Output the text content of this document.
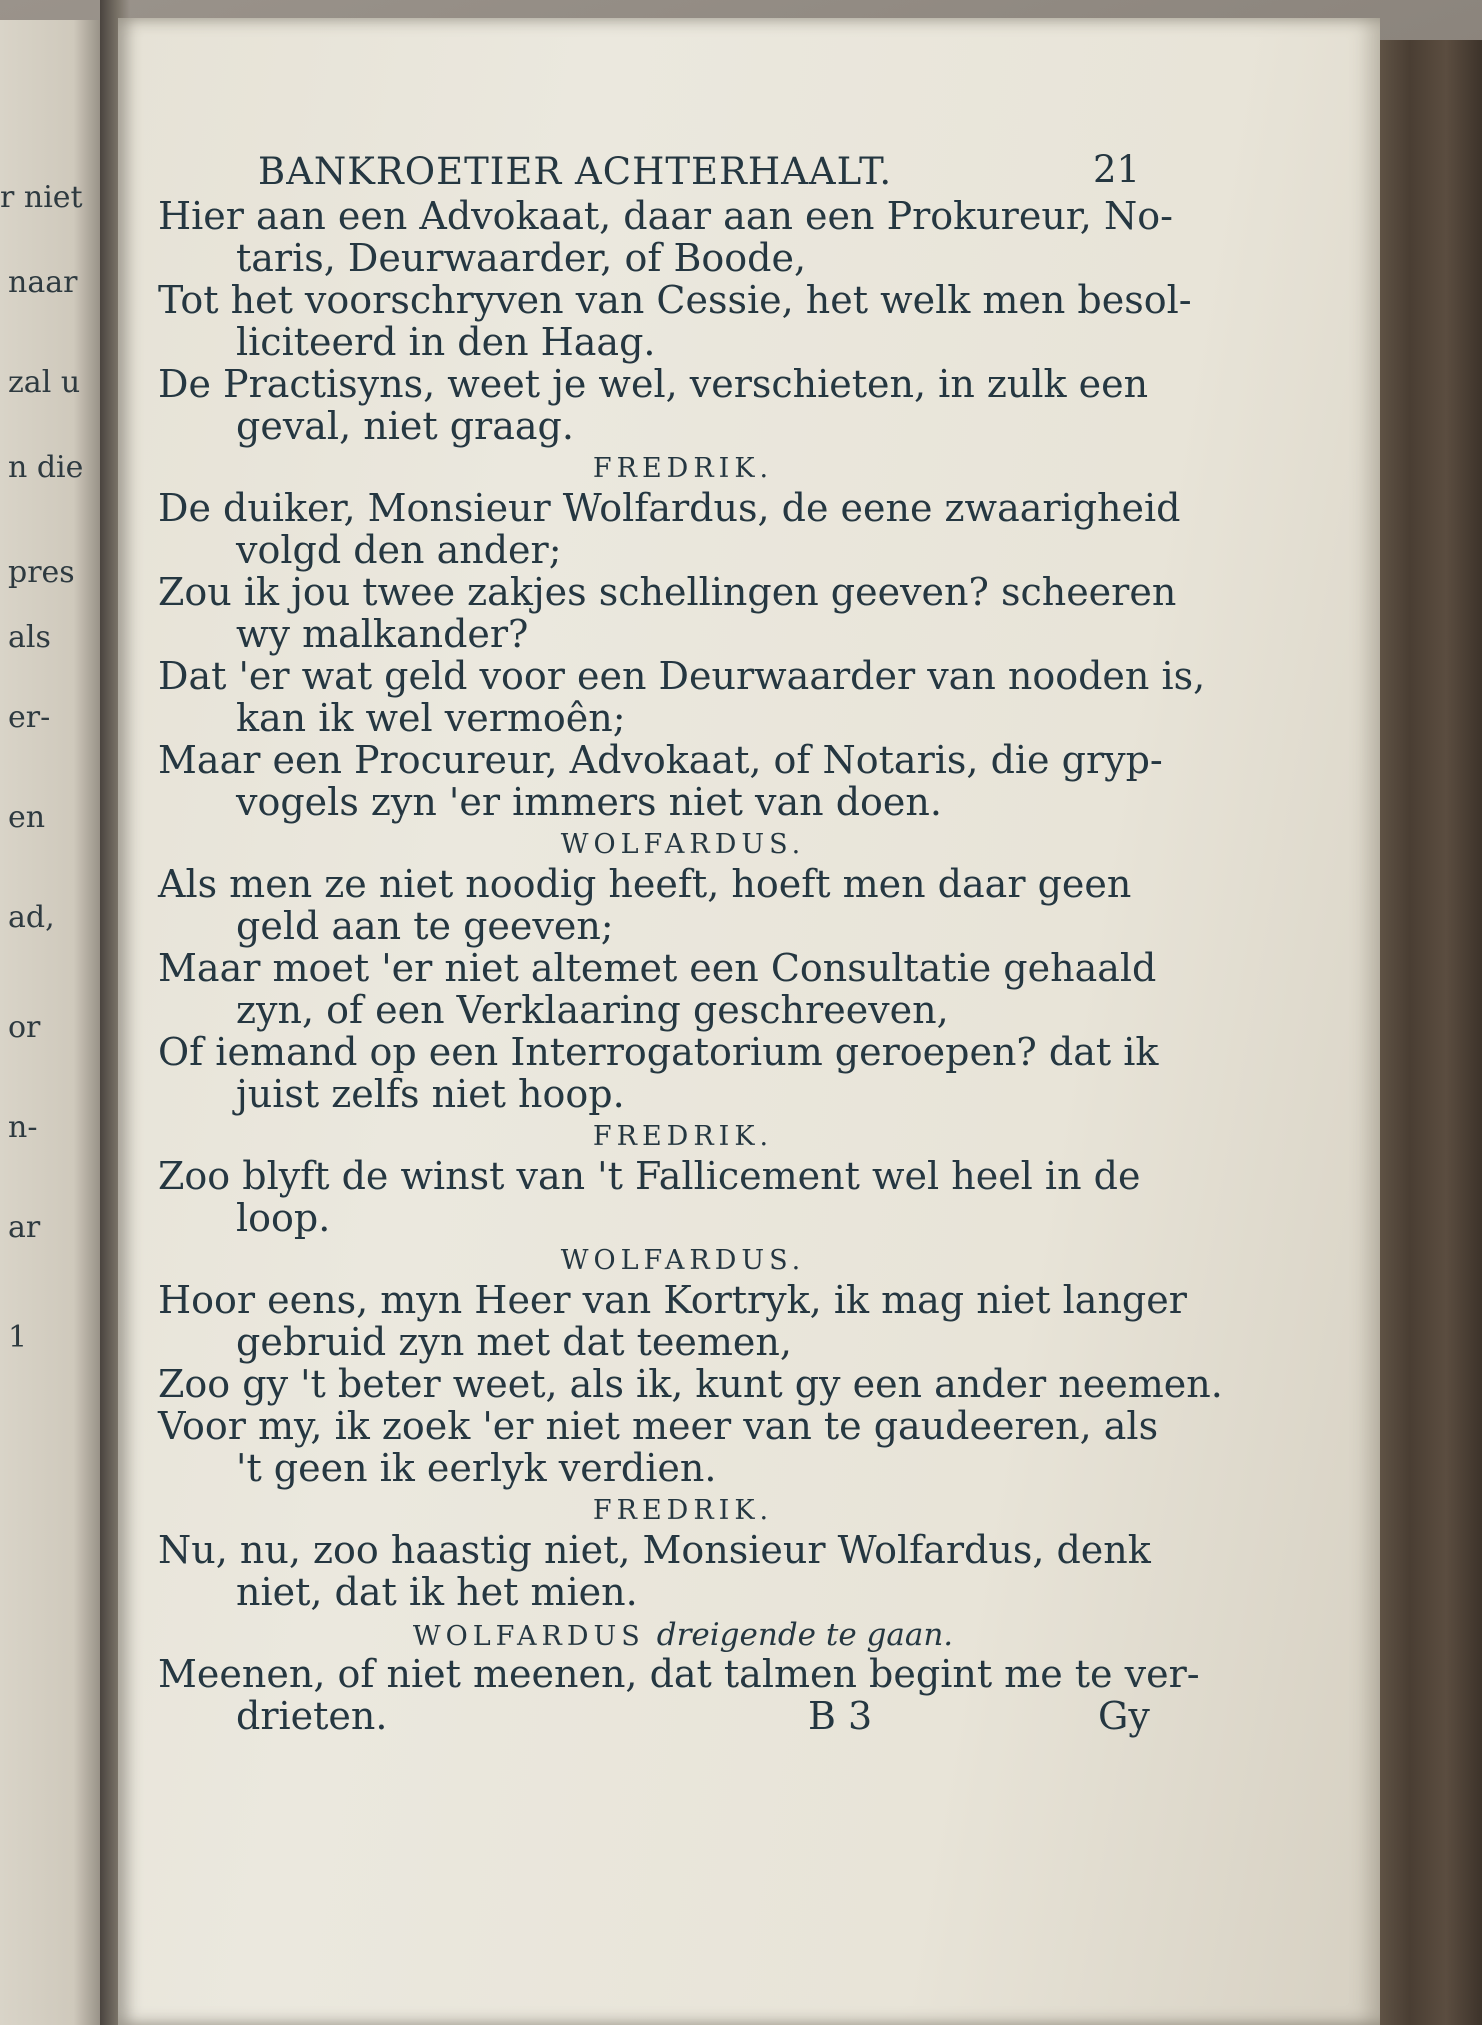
r niet
naar
zal u
n die
pres
als
er-
en
ad,
or
n-
ar
1
BANKROETIER ACHTERHAALT.	21
Hier aan een Advokaat, daar aan een Prokureur, No-
taris, Deurwaarder, of Boode,
Tot het voorschryven van Cessie, het welk men besol-
liciteerd in den Haag.
De Practisyns, weet je wel, verschieten, in zulk een
geval, niet graag.
FREDRIK.
De duiker, Monsieur Wolfardus, de eene zwaarigheid
volgd den ander;
Zou ik jou twee zakjes schellingen geeven? scheeren
wy malkander?
Dat 'er wat geld voor een Deurwaarder van nooden is,
kan ik wel vermoên;
Maar een Procureur, Advokaat, of Notaris, die gryp-
vogels zyn 'er immers niet van doen.
WOLFARDUS.
Als men ze niet noodig heeft, hoeft men daar geen
geld aan te geeven;
Maar moet 'er niet altemet een Consultatie gehaald
zyn, of een Verklaaring geschreeven,
Of iemand op een Interrogatorium geroepen? dat ik
juist zelfs niet hoop.
FREDRIK.
Zoo blyft de winst van 't Fallicement wel heel in de
loop.
WOLFARDUS.
Hoor eens, myn Heer van Kortryk, ik mag niet langer
gebruid zyn met dat teemen,
Zoo gy 't beter weet, als ik, kunt gy een ander neemen.
Voor my, ik zoek 'er niet meer van te gaudeeren, als
't geen ik eerlyk verdien.
FREDRIK.
Nu, nu, zoo haastig niet, Monsieur Wolfardus, denk
niet, dat ik het mien.
WOLFARDUS dreigende te gaan.
Meenen, of niet meenen, dat talmen begint me te ver-
drieten.	B 3	Gy
